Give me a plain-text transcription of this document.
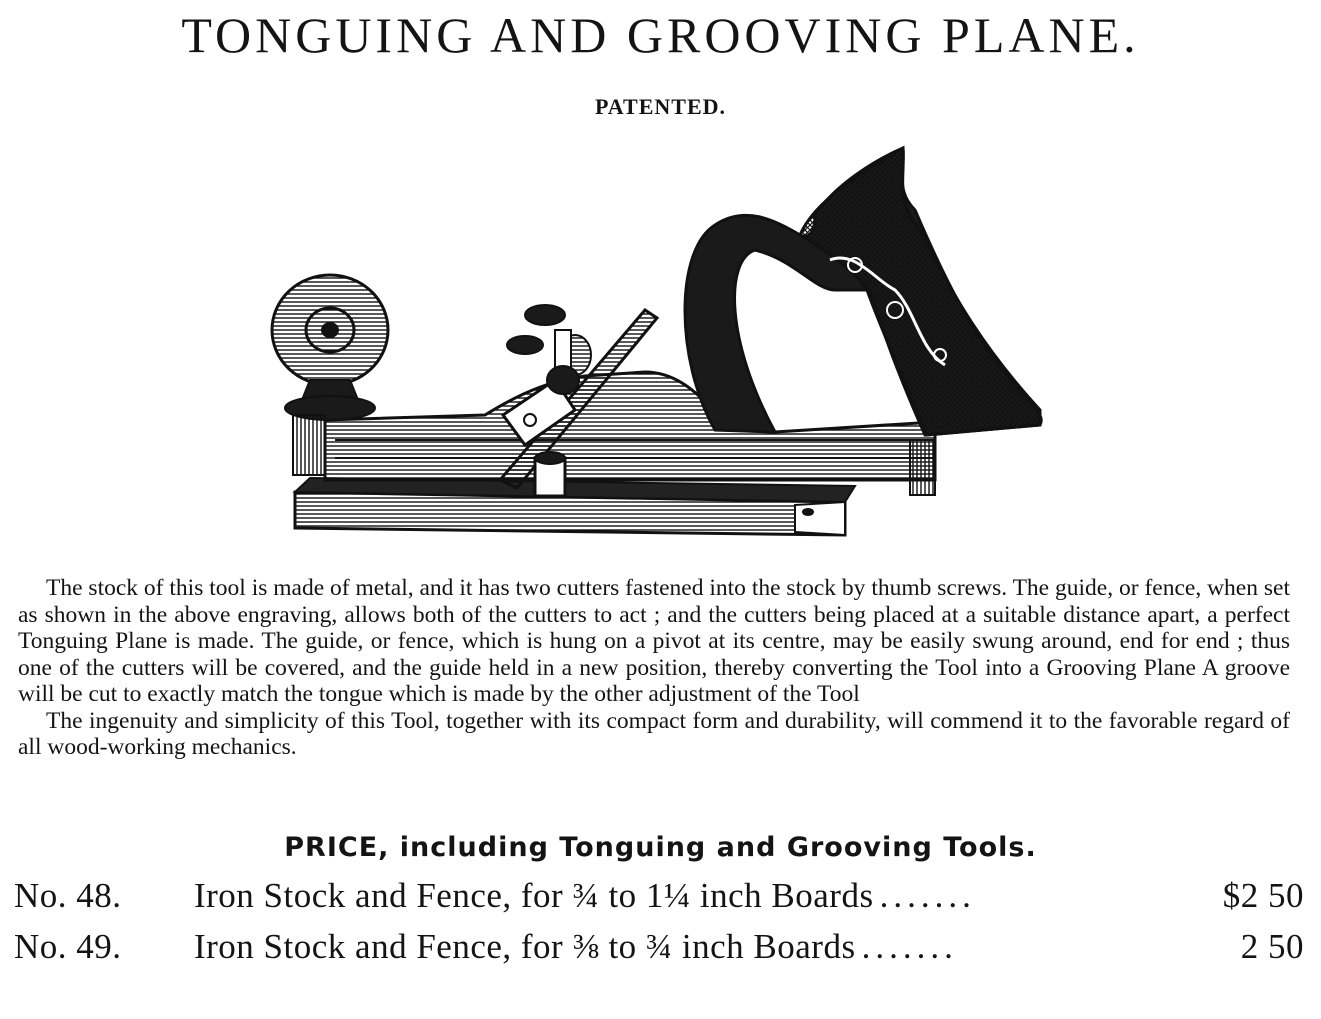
TONGUING AND GROOVING PLANE.
PATENTED.

The stock of this tool is made of metal, and it has two cutters fastened into the stock by thumb screws. The guide, or fence, when set as shown in the above engraving, allows both of the cutters to act ; and the cutters being placed at a suitable distance apart, a perfect Tonguing Plane is made. The guide, or fence, which is hung on a pivot at its centre, may be easily swung around, end for end ; thus one of the cutters will be covered, and the guide held in a new position, thereby converting the Tool into a Grooving Plane A groove will be cut to exactly match the tongue which is made by the other adjustment of the Tool

The ingenuity and simplicity of this Tool, together with its compact form and durability, will commend it to the favorable regard of all wood-working mechanics.

PRICE, including Tonguing and Grooving Tools.
No. 48.	Iron Stock and Fence, for ¾ to 1¼ inch Boards .......	$2 50
No. 49.	Iron Stock and Fence, for ⅜ to ¾ inch Boards .......	2 50
